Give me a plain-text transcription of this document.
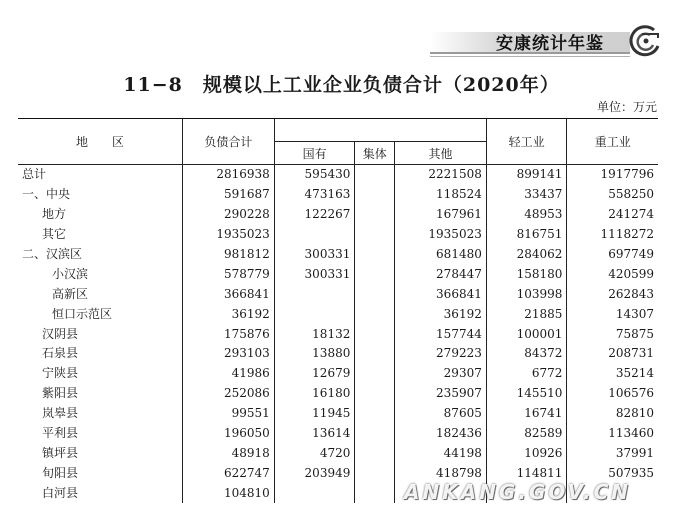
安康统计年鉴
11−8　规模以上工业企业负债合计（2020年）
单位：万元
地　　区	负债合计				轻工业	重工业
		国有	集体	其他		
总计	2816938	595430		2221508	899141	1917796
一、中央	591687	473163		118524	33437	558250
地方	290228	122267		167961	48953	241274
其它	1935023			1935023	816751	1118272
二、汉滨区	981812	300331		681480	284062	697749
小汉滨	578779	300331		278447	158180	420599
高新区	366841			366841	103998	262843
恒口示范区	36192			36192	21885	14307
汉阴县	175876	18132		157744	100001	75875
石泉县	293103	13880		279223	84372	208731
宁陕县	41986	12679		29307	6772	35214
紫阳县	252086	16180		235907	145510	106576
岚皋县	99551	11945		87605	16741	82810
平利县	196050	13614		182436	82589	113460
镇坪县	48918	4720		44198	10926	37991
旬阳县	622747	203949		418798	114811	507935
白河县	104810						ANKANG.GOV.CN
